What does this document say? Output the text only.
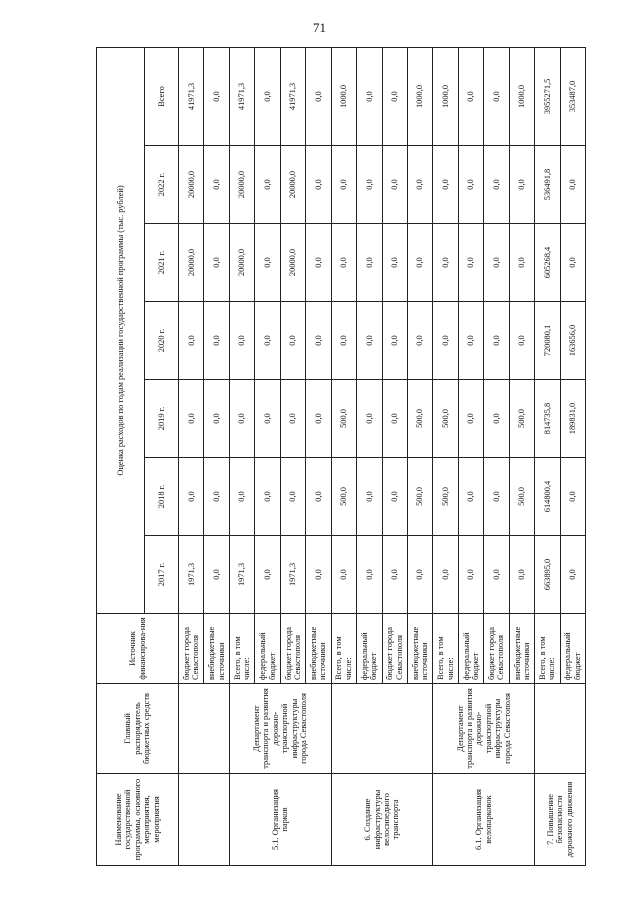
71
Наименование государственной программы, основного мероприятия, мероприятия	Главный распорядитель бюджетных средств	Источник финансирова-ния	Оценка расходов по годам реализации государственной программы (тыс. рублей)						
			2017 г.	2018 г.	2019 г.	2020 г.	2021 г.	2022 г.	Всего
		бюджет города Севастополя	1971,3	0,0	0,0	0,0	20000,0	20000,0	41971,3
		внебюджетные источники	0,0	0,0	0,0	0,0	0,0	0,0	0,0
5.1. Организация парков	Департамент транспорта и развития дорожно-транспортной инфраструктуры города Севастополя	Всего, в том числе:	1971,3	0,0	0,0	0,0	20000,0	20000,0	41971,3
		федеральный бюджет	0,0	0,0	0,0	0,0	0,0	0,0	0,0
		бюджет города Севастополя	1971,3	0,0	0,0	0,0	20000,0	20000,0	41971,3
		внебюджетные источники	0,0	0,0	0,0	0,0	0,0	0,0	0,0
6. Создание инфраструктуры велосипедного транспорта		Всего, в том числе:	0,0	500,0	500,0	0,0	0,0	0,0	1000,0
		федеральный бюджет	0,0	0,0	0,0	0,0	0,0	0,0	0,0
		бюджет города Севастополя	0,0	0,0	0,0	0,0	0,0	0,0	0,0
		внебюджетные источники	0,0	500,0	500,0	0,0	0,0	0,0	1000,0
6.1. Организация велопарковок	Департамент транспорта и развития дорожно-транспортной инфраструктуры города Севастополя	Всего, в том числе:	0,0	500,0	500,0	0,0	0,0	0,0	1000,0
		федеральный бюджет	0,0	0,0	0,0	0,0	0,0	0,0	0,0
		бюджет города Севастополя	0,0	0,0	0,0	0,0	0,0	0,0	0,0
		внебюджетные источники	0,0	500,0	500,0	0,0	0,0	0,0	1000,0
7. Повышение безопасности дорожного движения		Всего, в том числе:	663895,0	614800,4	814735,8	720080,1	605268,4	536491,8	3955271,5
		федеральный бюджет	0,0	0,0	189831,0	163656,0	0,0	0,0	353487,0
